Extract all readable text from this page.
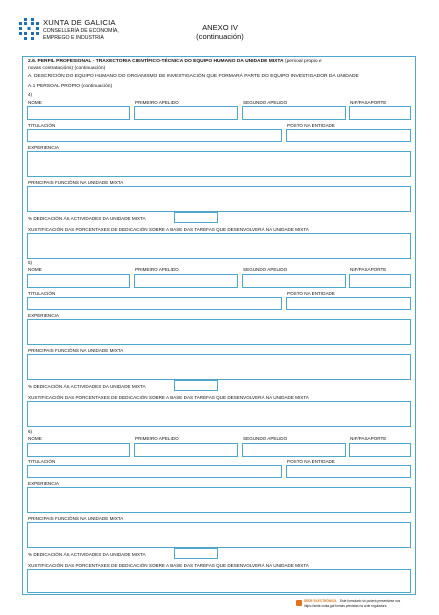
XUNTA DE GALICIA
CONSELLERÍA DE ECONOMÍA,
EMPREGO E INDUSTRIA
ANEXO IV
(continuación)
2.6. PERFIL PROFESIONAL - TRAXECTORIA CIENTÍFICO-TÉCNICA DO EQUIPO HUMANO DA UNIDADE MIXTA (persoal propio e
novas contratacións) (continuación)
A. DESCRICIÓN DO EQUIPO HUMANO DO ORGANISMO DE INVESTIGACIÓN QUE FORMARÁ PARTE DO EQUIPO INVESTIGADOR DA UNIDADE
A.1 PERSOAL PROPIO (continuación)
4)
NOME	PRIMEIRO APELIDO	SEGUNDO APELIDO	NIF/PASAPORTE
TITULACIÓN	POSTO NA ENTIDADE
EXPERIENCIA
PRINCIPAIS FUNCIÓNS NA UNIDADE MIXTA
% DEDICACIÓN ÁS ACTIVIDADES DA UNIDADE MIXTA
XUSTIFICACIÓN DAS PORCENTAXES DE DEDICACIÓN SOBRE A BASE DAS TAREFAS QUE DESENVOLVERÁ NA UNIDADE MIXTA
5)
NOME	PRIMEIRO APELIDO	SEGUNDO APELIDO	NIF/PASAPORTE
TITULACIÓN	POSTO NA ENTIDADE
EXPERIENCIA
PRINCIPAIS FUNCIÓNS NA UNIDADE MIXTA
% DEDICACIÓN ÁS ACTIVIDADES DA UNIDADE MIXTA
XUSTIFICACIÓN DAS PORCENTAXES DE DEDICACIÓN SOBRE A BASE DAS TAREFAS QUE DESENVOLVERÁ NA UNIDADE MIXTA
6)
NOME	PRIMEIRO APELIDO	SEGUNDO APELIDO	NIF/PASAPORTE
TITULACIÓN	POSTO NA ENTIDADE
EXPERIENCIA
PRINCIPAIS FUNCIÓNS NA UNIDADE MIXTA
% DEDICACIÓN ÁS ACTIVIDADES DA UNIDADE MIXTA
XUSTIFICACIÓN DAS PORCENTAXES DE DEDICACIÓN SOBRE A BASE DAS TAREFAS QUE DESENVOLVERÁ NA UNIDADE MIXTA
SEDE ELECTRÓNICA Este formulario só poderá presentarse nos
https://sede.xunta.gal formas previstas na orde reguladora
